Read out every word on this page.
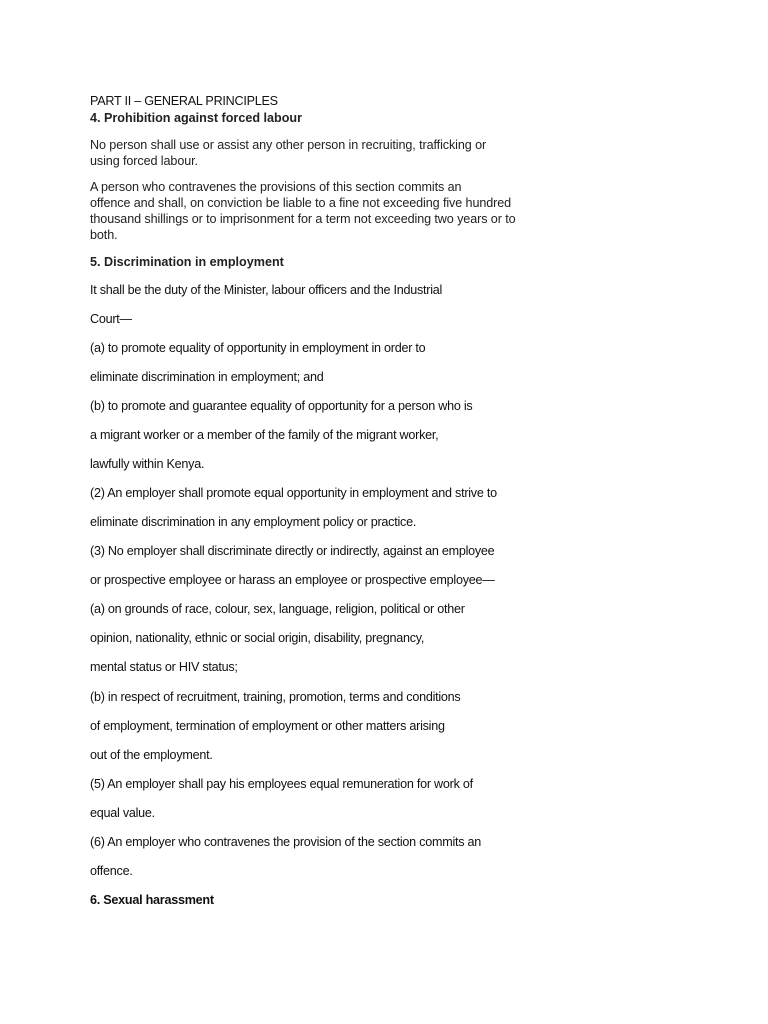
PART II – GENERAL PRINCIPLES

4. Prohibition against forced labour

No person shall use or assist any other person in recruiting, trafficking or

using forced labour.

A person who contravenes the provisions of this section commits an

offence and shall, on conviction be liable to a fine not exceeding five hundred

thousand shillings or to imprisonment for a term not exceeding two years or to

both.

5. Discrimination in employment

It shall be the duty of the Minister, labour officers and the Industrial

Court—

(a) to promote equality of opportunity in employment in order to

eliminate discrimination in employment; and

(b) to promote and guarantee equality of opportunity for a person who is

a migrant worker or a member of the family of the migrant worker,

lawfully within Kenya.

(2) An employer shall promote equal opportunity in employment and strive to

eliminate discrimination in any employment policy or practice.

(3) No employer shall discriminate directly or indirectly, against an employee

or prospective employee or harass an employee or prospective employee—

(a) on grounds of race, colour, sex, language, religion, political or other

opinion, nationality, ethnic or social origin, disability, pregnancy,

mental status or HIV status;

(b) in respect of recruitment, training, promotion, terms and conditions

of employment, termination of employment or other matters arising

out of the employment.

(5) An employer shall pay his employees equal remuneration for work of

equal value.

(6) An employer who contravenes the provision of the section commits an

offence.

6. Sexual harassment
